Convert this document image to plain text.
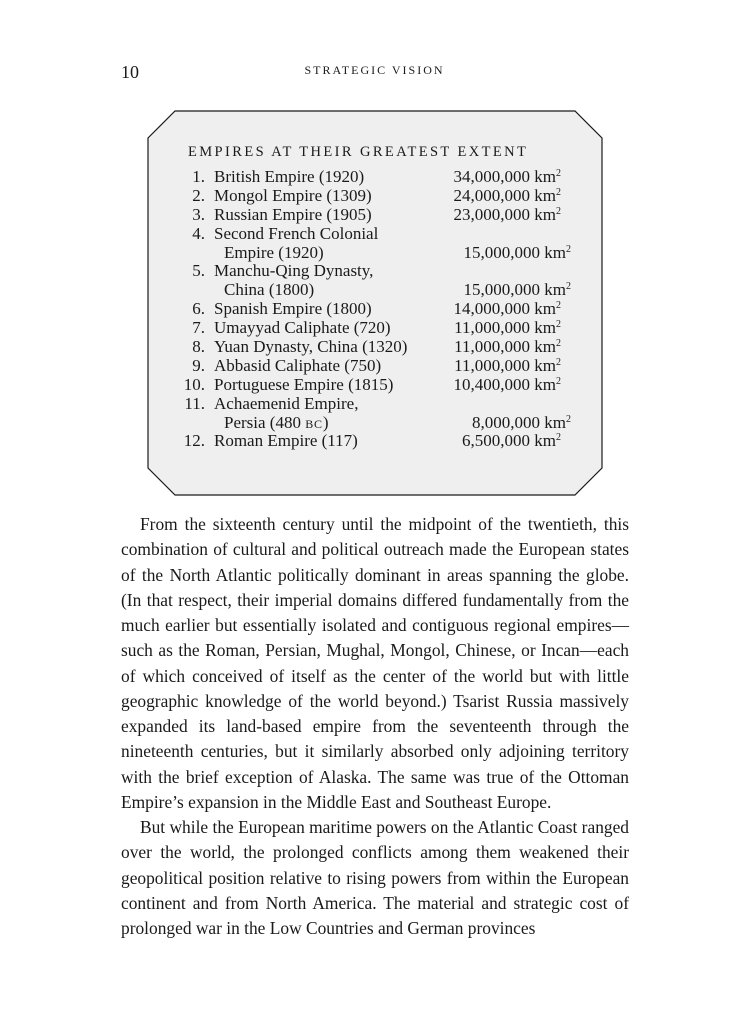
10	STRATEGIC VISION
EMPIRES AT THEIR GREATEST EXTENT
1. British Empire (1920)	34,000,000 $km^2$
2. Mongol Empire (1309)	24,000,000 $km^2$
3. Russian Empire (1905)	23,000,000 $km^2$
4. Second French Colonial
Empire (1920)	15,000,000 $km^2$
5. Manchu-Qing Dynasty,
China (1800)	15,000,000 $km^2$
6. Spanish Empire (1800)	14,000,000 $km^2$
7. Umayyad Caliphate (720)	11,000,000 $km^2$
8. Yuan Dynasty, China (1320)	11,000,000 $km^2$
9. Abbasid Caliphate (750)	11,000,000 $km^2$
10. Portuguese Empire (1815)	10,400,000 $km^2$
11. Achaemenid Empire,
Persia (480 BC)	8,000,000 $km^2$
12. Roman Empire (117)	6,500,000 $km^2$

From the sixteenth century until the midpoint of the twentieth, this combination of cultural and political outreach made the European states of the North Atlantic politically dominant in areas spanning the globe. (In that respect, their imperial domains differed fundamentally from the much earlier but essentially isolated and contiguous regional empires—such as the Roman, Persian, Mughal, Mongol, Chinese, or Incan—each of which conceived of itself as the center of the world but with little geographic knowledge of the world beyond.) Tsarist Russia massively expanded its land-based empire from the seventeenth through the nineteenth centuries, but it similarly absorbed only adjoining territory with the brief exception of Alaska. The same was true of the Ottoman Empire’s expansion in the Middle East and Southeast Europe.

But while the European maritime powers on the Atlantic Coast ranged over the world, the prolonged conflicts among them weakened their geopolitical position relative to rising powers from within the European continent and from North America. The material and strategic cost of prolonged war in the Low Countries and German provinces
